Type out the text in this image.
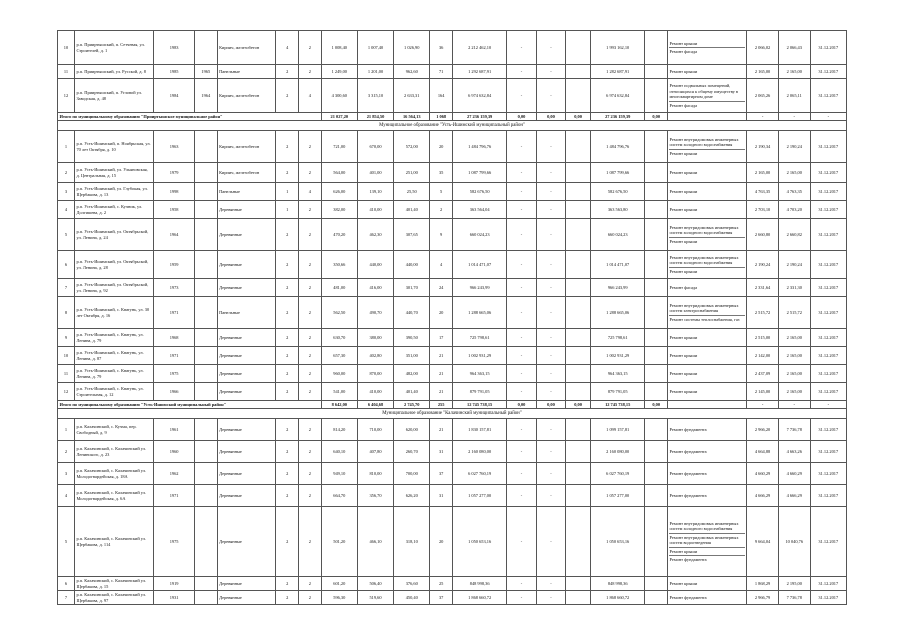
10	р.п. Прииртышский, п. Сетчевая, ул. Строителей, д. 1	1983		Кирпич, железобетон	4	2	1 008,40	1 007,40	1 026,90	36	2 212 462,10	-	-		1 993 162,10		Ремонт крыши
Ремонт фасада	2 066,02	2 066,43	31.12.2017
11	р.п. Прииртышский, ул. Русской, д. 8	1985	1965	Панельные	2	2	1 249,00	1 201,00	962,60	71	1 292 687,91	-	-		1 282 687,91		Ремонт крыши	2 165,00	2 165,00	31.12.2017
12	р.п. Прииртышский, п. Угловой ул. Заводская, д. 48	1984	1964	Кирпич, железобетон	2	4	4 300,60	3 315,10	2 633,31	164	6 974 632,84	-	-		6 974 632,84		Ремонт подвальных помещений, относящихся к общему имуществу в многоквартирном доме
Ремонт фасада	2 065,26	2 065,11	31.12.2017
Итого по муниципальному образованию "Прииртышское муниципальное район"							21 027,20	21 854,50	16 564,13	1 068	27 236 159,39	0,00	0,00	0,00	27 236 159,39	0,00		-	-	-
Муниципальное образование "Усть-Ишимский муниципальный район"																				
1	р.п. Усть-Ишимский, п. Ноябрьская, ул. 70 лет Октября, д. 10	1963		Кирпич, железобетон	2	2	721,00	670,00	572,00	20	1 484 796,76	-	-		1 484 796,76		Ремонт внутридомовых инженерных систем холодного водоснабжения
Ремонт крыши	2 190,34	2 190,24	31.12.2017
2	р.п. Усть-Ишимский, ул. Ульяновская, д. Центральная, д. 15	1979		Кирпич, железобетон	2	2	564,00	401,00	251,00	35	1 087 799,66	-	-		1 087 799,66		Ремонт крыши	2 165,00	2 165,00	31.12.2017
3	р.п. Усть-Ишимский, ул. Глубокая, ул. Щербакова, д. 13	1998		Панельные	1	4	626,00	139,10	25,50	5	582 676,50	-	-		582 676,50		Ремонт крыши	4 763,35	4 763,35	31.12.2017
4	р.п. Усть-Ишимский, с. Кучник, ул. Долгишева, д. 2	1958		Деревянные	1	2	382,00	410,00	401,40	2	363 564,04	-	-		363 563,80		Ремонт крыши	2 703,10	4 703,20	31.12.2017
5	р.п. Усть-Ишимский, ул. Октябрьской, ул. Ленина, д. 24	1964		Деревянные	2	2	470,20	462,30	307,65	9	660 024,23	-	-		660 024,23		Ремонт внутридомовых инженерных систем холодного водоснабжения
Ремонт крыши	2 660,80	2 660,82	31.12.2017
6	р.п. Усть-Ишимский, ул. Октябрьской, ул. Ленина, д. 28	1959		Деревянные	2	2	350,66	440,00	440,00	4	1 014 471,07	-	-		1 014 471,07		Ремонт внутридомовых инженерных систем холодного водоснабжения
Ремонт крыши	2 190,24	2 190,24	31.12.2017
7	р.п. Усть-Ишимский, ул. Октябрьской, ул. Ленина, д. 92	1973		Деревянные	2	2	481,00	416,00	301,70	24	966 243,99	-	-		966 243,99		Ремонт фасада	2 331,64	2 331,30	31.12.2017
8	р.п. Усть-Ишимский, с. Кватунь, ул. 30 лет Октября, д. 16	1971		Панельные	2	2	562,50	490,70	440,70	20	1 288 665,06	-	-		1 288 665,06		Ремонт внутридомовых инженерных систем электроснабжения
Ремонт системы теплоснабжения, газ	2 515,72	2 515,72	31.12.2017
9	р.п. Усть-Ишимский, с. Кватунь, ул. Ленина, д. 79	1968		Деревянные	2	2	630,70	380,00	390,50	17	725 798,61	-	-		725 798,61		Ремонт крыши	2 515,00	2 165,00	31.12.2017
10	р.п. Усть-Ишимский, с. Кватунь, ул. Ленина, д. 87	1971		Деревянные	2	2	657,30	402,80	351,00	21	1 002 931,29	-	-		1 002 931,29		Ремонт крыши	2 142,00	2 165,00	31.12.2017
11	р.п. Усть-Ишимский, с. Кватунь, ул. Ленина, д. 79	1975		Деревянные	2	2	960,00	870,00	482,00	21	964 363,15	-	-		964 363,15		Ремонт крыши	2 437,09	2 165,00	31.12.2017
12	р.п. Усть-Ишимский, с. Кватунь, ул. Строительная, д. 12	1966		Деревянные	2	2	541,00	410,00	401,40	21	879 791,05	-	-		879 791,05		Ремонт крыши	2 145,00	2 165,00	31.12.2017
Итого по муниципальному образованию "Усть-Ишимский муниципальный район"							8 642,00	6 404,68	2 745,70	255	12 745 738,15	0,00	0,00	0,00	12 745 738,15	0,00		-	-	-
Муниципальное образование "Калачинский муниципальный район"																				
1	р.п. Калачинский, с. Кучма, пер. Свободный, д. 9	1961		Деревянные	2	2	814,20	710,00	620,00	21	1 830 157,81	-	-		1 099 157,81		Ремонт фундамента	2 966,20	7 736,78	31.12.2017
2	р.п. Калачинский, с. Калачинский ул. Ленинского, д. 23	1960		Деревянные	2	2	640,10	407,80	260,70	31	2 160 080,00	-	-		2 160 080,00		Ремонт фундамента	4 664,88	4 663,26	31.12.2017
3	р.п. Калачинский, с. Калачинский ул. Молодогвардейская, д. 18А	1962		Деревянные	2	2	949,10	810,00	700,00	37	6 027 760,19	-	-		6 027 760,19		Ремонт фундамента	4 660,29	4 660,29	31.12.2017
4	р.п. Калачинский, с. Калачинский ул. Молодогвардейская, д. 6А	1971		Деревянные	2	2	664,70	356,70	626,20	31	1 057 277,00	-	-		1 057 277,00		Ремонт фундамента	4 666,29	4 666,29	31.12.2017
5	р.п. Калачинский, с. Калачинский ул. Щербакова, д. 114	1975		Деревянные	2	2	501,20	466,10	318,10	20	1 050 653,16	-	-		1 050 653,16		Ремонт внутридомовых инженерных систем холодного водоснабжения
Ремонт внутридомовых инженерных систем водоотведения
Ремонт крыши
Ремонт фундамента	9 664,04	10 040,76	31.12.2017
6	р.п. Калачинский, с. Калачинский ул. Щербакова, д. 15	1919		Деревянные	2	2	601,20	506,40	376,60	25	848 998,36	-	-		848 998,36		Ремонт крыши	1 868,29	2 195,00	31.12.2017
7	р.п. Калачинский, с. Калачинский ул. Щербакова, д. 97	1931		Деревянные	2	2	596,30	519,60	450,40	37	1 868 660,72	-	-		1 868 660,72		Ремонт фундамента	2 966,79	7 736,78	31.12.2017
